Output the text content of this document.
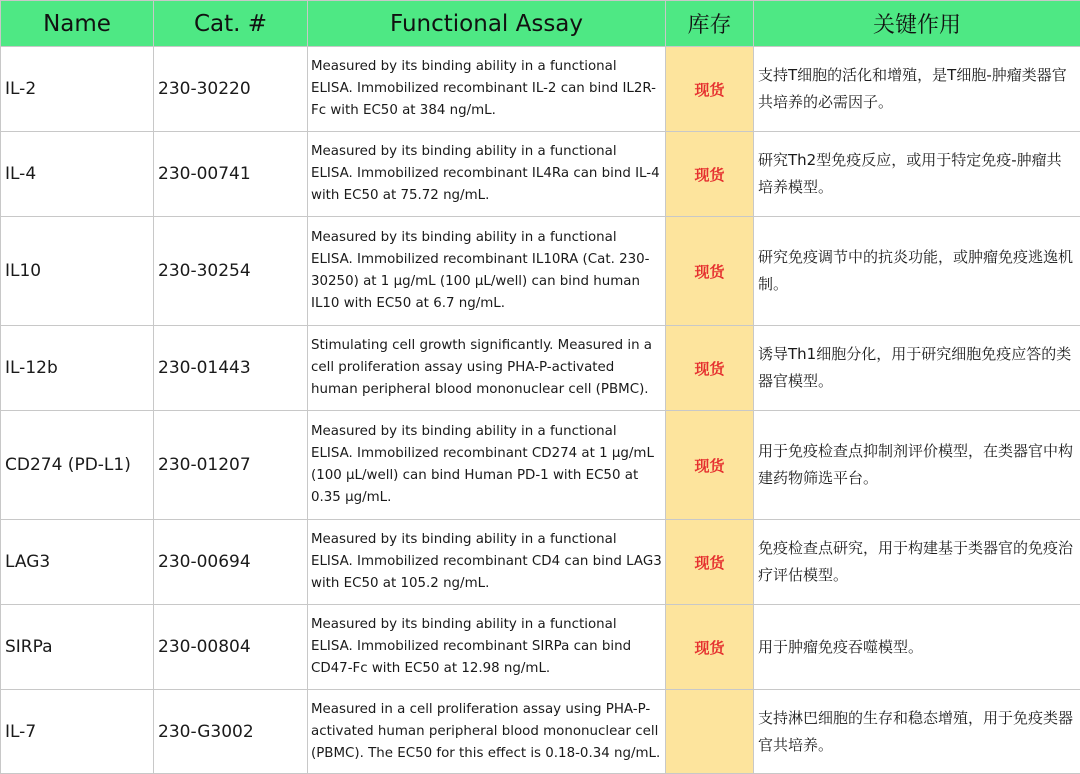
Name	Cat. #	Functional Assay	库存	关键作用
IL-2	230-30220	Measured by its binding ability in a functional ELISA. Immobilized recombinant IL-2 can bind IL2R-Fc with EC50 at 384 ng/mL.	现货	支持T细胞的活化和增殖，是T细胞-肿瘤类器官共培养的必需因子。
IL-4	230-00741	Measured by its binding ability in a functional ELISA. Immobilized recombinant IL4Ra can bind IL-4 with EC50 at 75.72 ng/mL.	现货	研究Th2型免疫反应，或用于特定免疫-肿瘤共培养模型。
IL10	230-30254	Measured by its binding ability in a functional ELISA. Immobilized recombinant IL10RA (Cat. 230-30250) at 1 µg/mL (100 µL/well) can bind human IL10 with EC50 at 6.7 ng/mL.	现货	研究免疫调节中的抗炎功能，或肿瘤免疫逃逸机制。
IL-12b	230-01443	Stimulating cell growth significantly. Measured in a cell proliferation assay using PHA-P-activated human peripheral blood mononuclear cell (PBMC).	现货	诱导Th1细胞分化，用于研究细胞免疫应答的类器官模型。
CD274 (PD-L1)	230-01207	Measured by its binding ability in a functional ELISA. Immobilized recombinant CD274 at 1 µg/mL (100 µL/well) can bind Human PD-1 with EC50 at 0.35 µg/mL.	现货	用于免疫检查点抑制剂评价模型，在类器官中构建药物筛选平台。
LAG3	230-00694	Measured by its binding ability in a functional ELISA. Immobilized recombinant CD4 can bind LAG3 with EC50 at 105.2 ng/mL.	现货	免疫检查点研究，用于构建基于类器官的免疫治疗评估模型。
SIRPa	230-00804	Measured by its binding ability in a functional ELISA. Immobilized recombinant SIRPa can bind CD47-Fc with EC50 at 12.98 ng/mL.	现货	用于肿瘤免疫吞噬模型。
IL-7	230-G3002	Measured in a cell proliferation assay using PHA-P-activated human peripheral blood mononuclear cell (PBMC). The EC50 for this effect is 0.18-0.34 ng/mL.		支持淋巴细胞的生存和稳态增殖，用于免疫类器官共培养。
